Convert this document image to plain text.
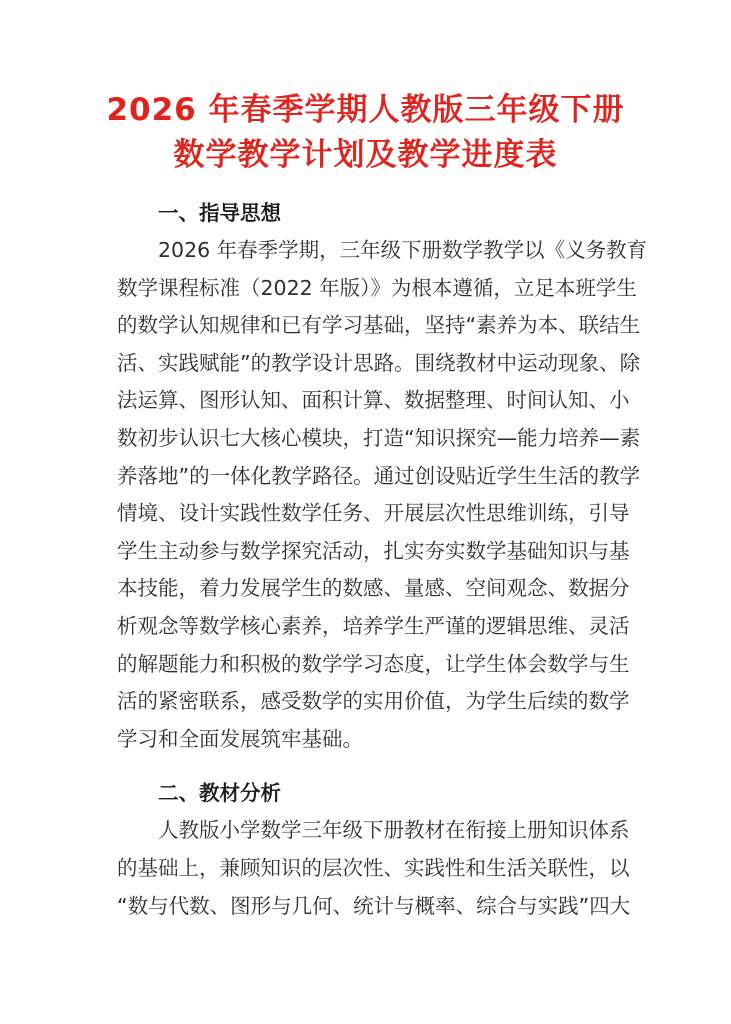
2026 年春季学期人教版三年级下册
数学教学计划及教学进度表
一、指导思想
2026 年春季学期，三年级下册数学教学以《义务教育
数学课程标准（2022 年版）》为根本遵循，立足本班学生
的数学认知规律和已有学习基础，坚持“素养为本、联结生
活、实践赋能”的教学设计思路。围绕教材中运动现象、除
法运算、图形认知、面积计算、数据整理、时间认知、小
数初步认识七大核心模块，打造“知识探究—能力培养—素
养落地”的一体化教学路径。通过创设贴近学生生活的教学
情境、设计实践性数学任务、开展层次性思维训练，引导
学生主动参与数学探究活动，扎实夯实数学基础知识与基
本技能，着力发展学生的数感、量感、空间观念、数据分
析观念等数学核心素养，培养学生严谨的逻辑思维、灵活
的解题能力和积极的数学学习态度，让学生体会数学与生
活的紧密联系，感受数学的实用价值，为学生后续的数学
学习和全面发展筑牢基础。
二、教材分析
人教版小学数学三年级下册教材在衔接上册知识体系
的基础上，兼顾知识的层次性、实践性和生活关联性，以
“数与代数、图形与几何、统计与概率、综合与实践”四大
